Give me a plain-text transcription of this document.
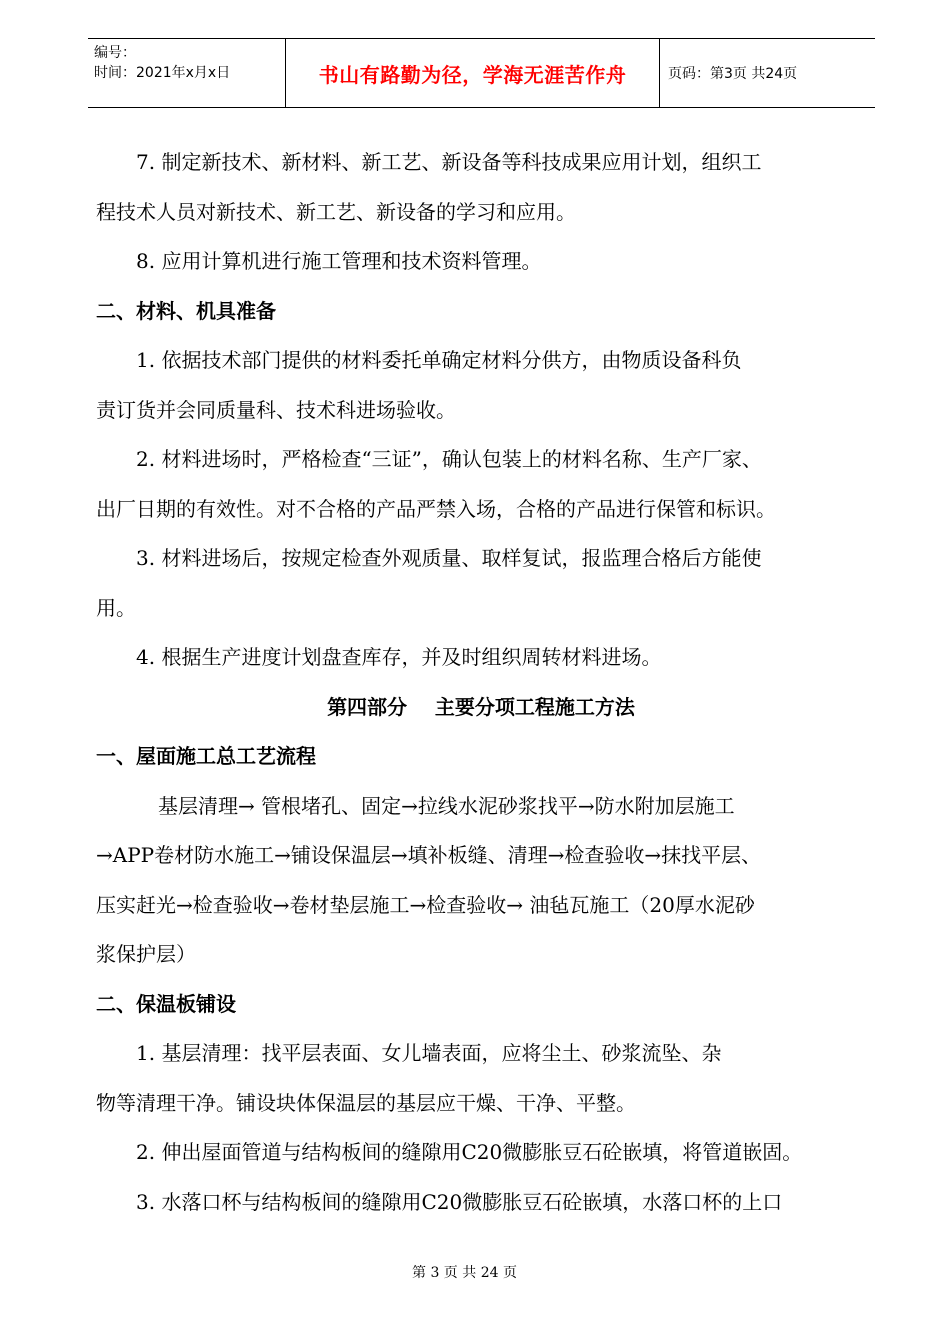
编号：
时间：2021年x月x日	书山有路勤为径，学海无涯苦作舟	页码：第3页 共24页

7. 制定新技术、新材料、新工艺、新设备等科技成果应用计划，组织工

程技术人员对新技术、新工艺、新设备的学习和应用。

8. 应用计算机进行施工管理和技术资料管理。

二、材料、机具准备

1. 依据技术部门提供的材料委托单确定材料分供方，由物质设备科负

责订货并会同质量科、技术科进场验收。

2. 材料进场时，严格检查“三证”，确认包装上的材料名称、生产厂家、

出厂日期的有效性。对不合格的产品严禁入场，合格的产品进行保管和标识。

3. 材料进场后，按规定检查外观质量、取样复试，报监理合格后方能使

用。

4. 根据生产进度计划盘查库存，并及时组织周转材料进场。

第四部分    主要分项工程施工方法

一、屋面施工总工艺流程

基层清理→ 管根堵孔、固定→拉线水泥砂浆找平→防水附加层施工

→APP卷材防水施工→铺设保温层→填补板缝、清理→检查验收→抹找平层、

压实赶光→检查验收→卷材垫层施工→检查验收→ 油毡瓦施工（20厚水泥砂

浆保护层）

二、保温板铺设

1. 基层清理：找平层表面、女儿墙表面，应将尘土、砂浆流坠、杂

物等清理干净。铺设块体保温层的基层应干燥、干净、平整。

2. 伸出屋面管道与结构板间的缝隙用C20微膨胀豆石砼嵌填，将管道嵌固。

3. 水落口杯与结构板间的缝隙用C20微膨胀豆石砼嵌填，水落口杯的上口

第 3 页 共 24 页
